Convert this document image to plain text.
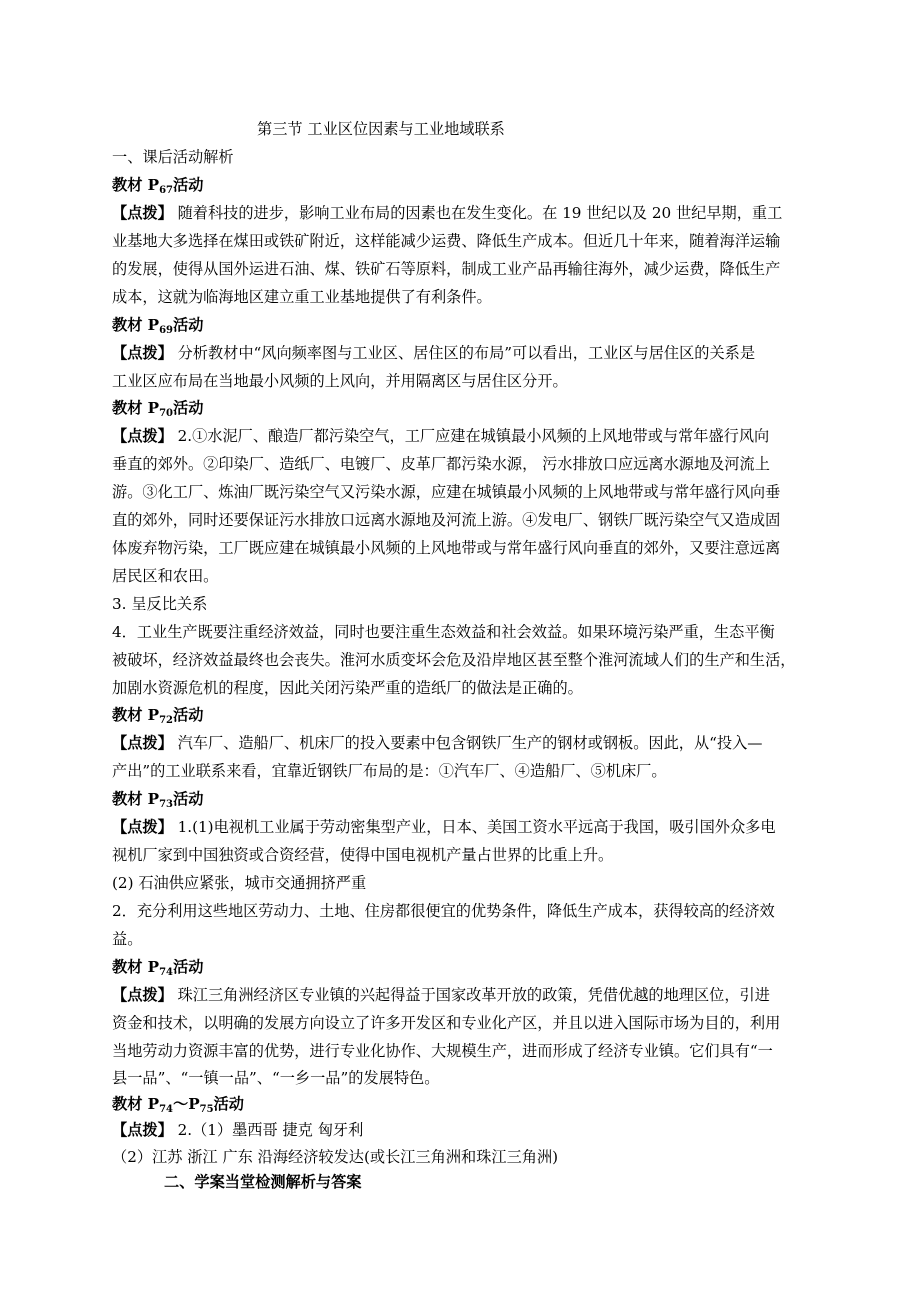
第三节 工业区位因素与工业地域联系
一、课后活动解析
教材 $P_{67}$活动
【点拨】 随着科技的进步，影响工业布局的因素也在发生变化。在 19 世纪以及 20 世纪早期，重工
业基地大多选择在煤田或铁矿附近，这样能减少运费、降低生产成本。但近几十年来，随着海洋运输
的发展，使得从国外运进石油、煤、铁矿石等原料，制成工业产品再输往海外，减少运费，降低生产
成本，这就为临海地区建立重工业基地提供了有利条件。
教材 $P_{69}$活动
【点拨】 分析教材中“风向频率图与工业区、居住区的布局”可以看出，工业区与居住区的关系是
工业区应布局在当地最小风频的上风向，并用隔离区与居住区分开。
教材 $P_{70}$活动
【点拨】 2.①水泥厂、酿造厂都污染空气，工厂应建在城镇最小风频的上风地带或与常年盛行风向
垂直的郊外。②印染厂、造纸厂、电镀厂、皮革厂都污染水源， 污水排放口应远离水源地及河流上
游。③化工厂、炼油厂既污染空气又污染水源，应建在城镇最小风频的上风地带或与常年盛行风向垂
直的郊外，同时还要保证污水排放口远离水源地及河流上游。④发电厂、钢铁厂既污染空气又造成固
体废弃物污染，工厂既应建在城镇最小风频的上风地带或与常年盛行风向垂直的郊外，又要注意远离
居民区和农田。
3. 呈反比关系
4．工业生产既要注重经济效益，同时也要注重生态效益和社会效益。如果环境污染严重，生态平衡
被破坏，经济效益最终也会丧失。淮河水质变坏会危及沿岸地区甚至整个淮河流域人们的生产和生活，
加剧水资源危机的程度，因此关闭污染严重的造纸厂的做法是正确的。
教材 $P_{72}$活动
【点拨】 汽车厂、造船厂、机床厂的投入要素中包含钢铁厂生产的钢材或钢板。因此，从“投入—
产出”的工业联系来看，宜靠近钢铁厂布局的是：①汽车厂、④造船厂、⑤机床厂。
教材 $P_{73}$活动
【点拨】 1.(1)电视机工业属于劳动密集型产业，日本、美国工资水平远高于我国，吸引国外众多电
视机厂家到中国独资或合资经营，使得中国电视机产量占世界的比重上升。
(2) 石油供应紧张，城市交通拥挤严重
2．充分利用这些地区劳动力、土地、住房都很便宜的优势条件，降低生产成本，获得较高的经济效
益。
教材 $P_{74}$活动
【点拨】 珠江三角洲经济区专业镇的兴起得益于国家改革开放的政策，凭借优越的地理区位，引进
资金和技术，以明确的发展方向设立了许多开发区和专业化产区，并且以进入国际市场为目的，利用
当地劳动力资源丰富的优势，进行专业化协作、大规模生产，进而形成了经济专业镇。它们具有“一
县一品”、“一镇一品”、“一乡一品”的发展特色。
教材 $P_{74}\sim P_{75}$活动
【点拨】 2.（1）墨西哥 捷克 匈牙利
（2）江苏 浙江 广东 沿海经济较发达(或长江三角洲和珠江三角洲)
二、学案当堂检测解析与答案
